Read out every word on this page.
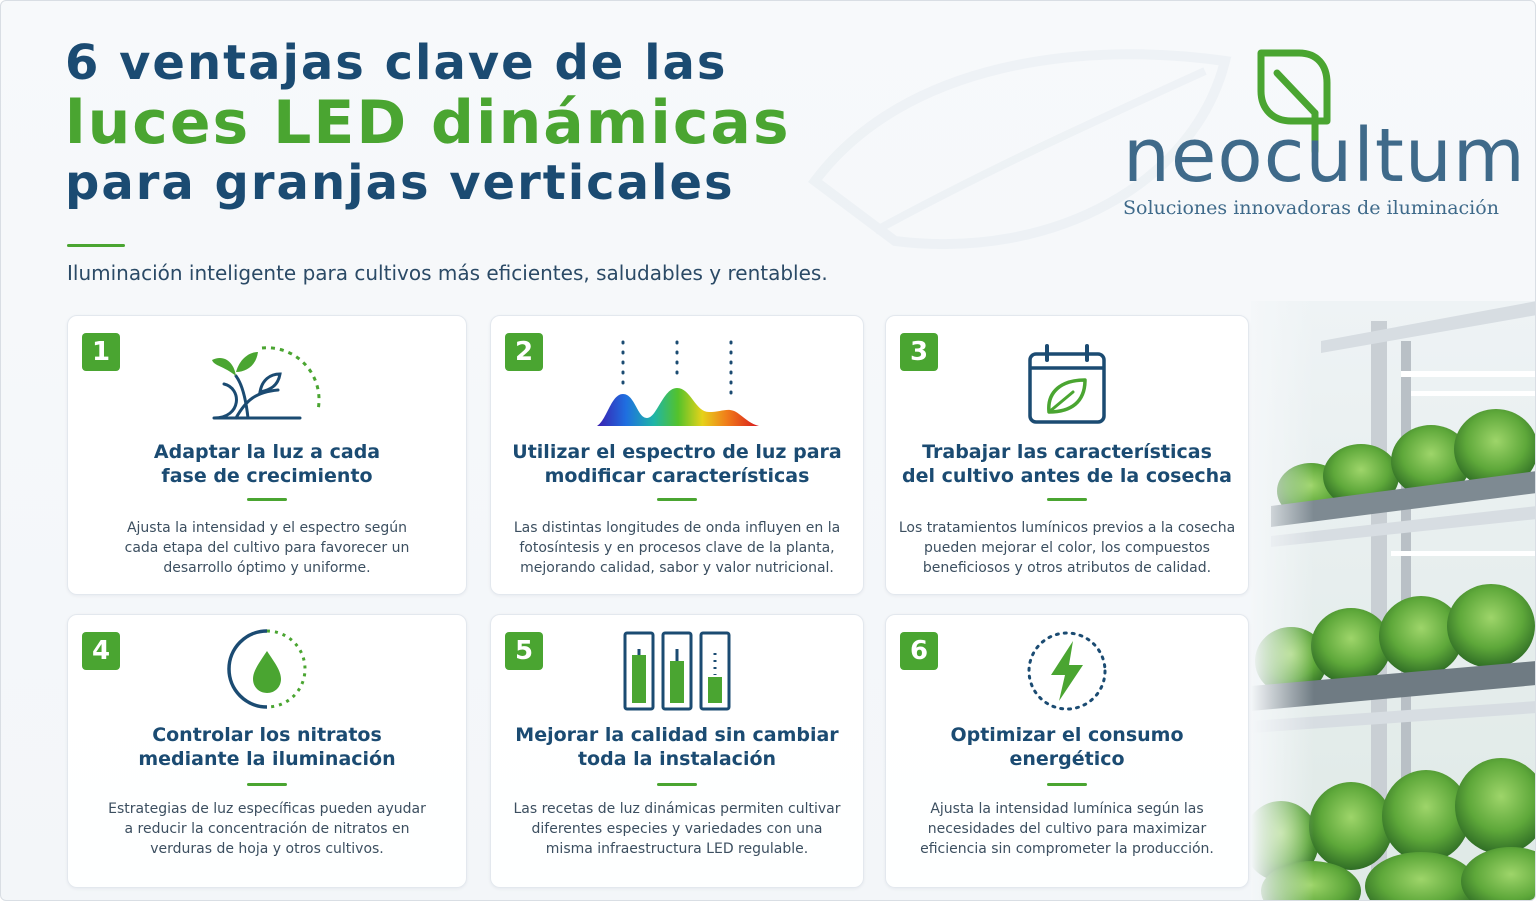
6 ventajas clave de las
luces LED dinámicas
para granjas verticales
Iluminación inteligente para cultivos más eficientes, saludables y rentables.
neocultum
Soluciones innovadoras de iluminación
1
Adaptar la luz a cada
fase de crecimiento
Ajusta la intensidad y el espectro según
cada etapa del cultivo para favorecer un
desarrollo óptimo y uniforme.
2
Utilizar el espectro de luz para
modificar características
Las distintas longitudes de onda influyen en la
fotosíntesis y en procesos clave de la planta,
mejorando calidad, sabor y valor nutricional.
3
Trabajar las características
del cultivo antes de la cosecha
Los tratamientos lumínicos previos a la cosecha
pueden mejorar el color, los compuestos
beneficiosos y otros atributos de calidad.
4
Controlar los nitratos
mediante la iluminación
Estrategias de luz específicas pueden ayudar
a reducir la concentración de nitratos en
verduras de hoja y otros cultivos.
5
Mejorar la calidad sin cambiar
toda la instalación
Las recetas de luz dinámicas permiten cultivar
diferentes especies y variedades con una
misma infraestructura LED regulable.
6
Optimizar el consumo
energético
Ajusta la intensidad lumínica según las
necesidades del cultivo para maximizar
eficiencia sin comprometer la producción.
